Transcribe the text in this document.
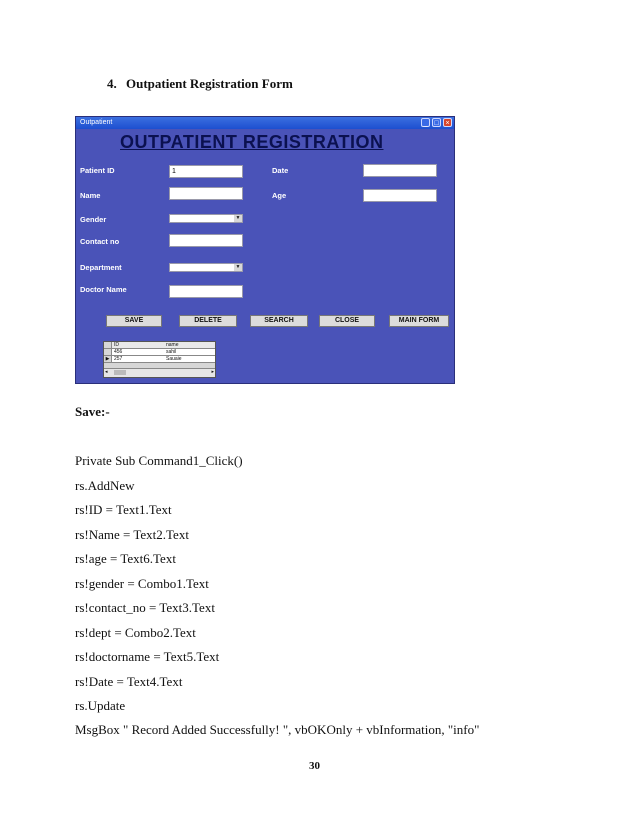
4. Outpatient Registration Form
Outpatient	_ □ ×
OUTPATIENT REGISTRATION
Patient ID	1
Name
Gender	▼
Contact no
Department	▼
Doctor Name
Date
Age
SAVE	DELETE	SEARCH	CLOSE	MAIN FORM
ID	name
456	sahil
▶ 257	Sauaie
◂	▸
Save:-
Private Sub Command1_Click()
rs.AddNew
rs!ID = Text1.Text
rs!Name = Text2.Text
rs!age = Text6.Text
rs!gender = Combo1.Text
rs!contact_no = Text3.Text
rs!dept = Combo2.Text
rs!doctorname = Text5.Text
rs!Date = Text4.Text
rs.Update
MsgBox " Record Added Successfully! ", vbOKOnly + vbInformation, "info"
30
